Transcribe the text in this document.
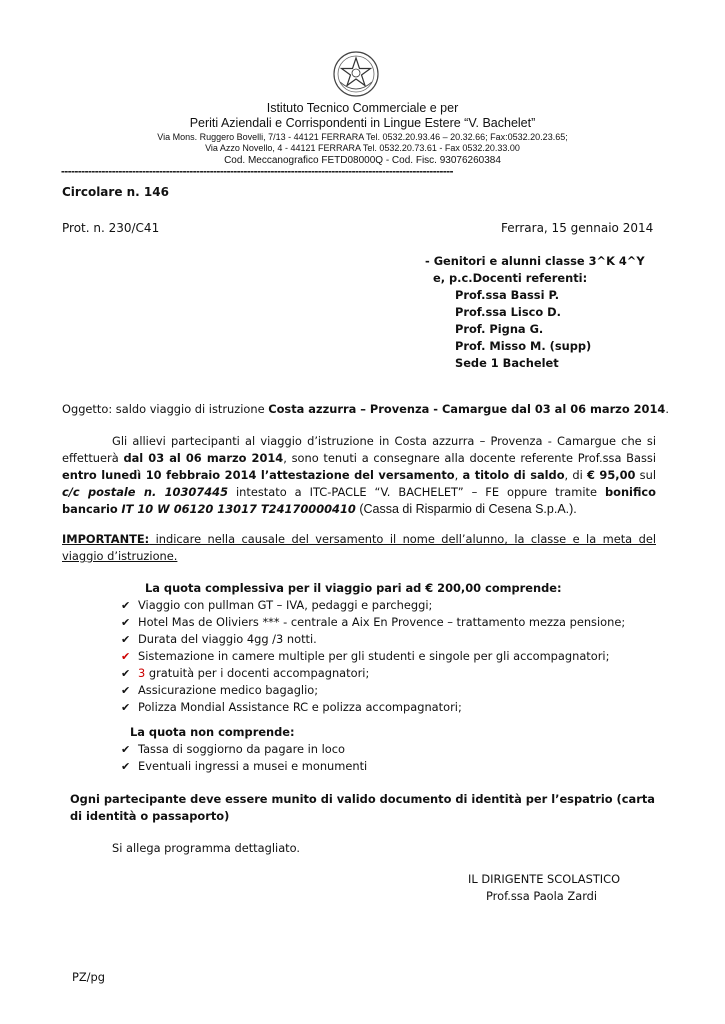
Istituto Tecnico Commerciale e per
Periti Aziendali e Corrispondenti in Lingue Estere “V. Bachelet”
Via Mons. Ruggero Bovelli, 7/13 - 44121 FERRARA Tel. 0532.20.93.46 – 20.32.66; Fax:0532.20.23.65;
Via Azzo Novello, 4 - 44121 FERRARA Tel. 0532.20.73.61 - Fax 0532.20.33.00
Cod. Meccanografico FETD08000Q - Cod. Fisc. 93076260384
--------------------------------------------------------------------------------------------------------------------
Circolare n. 146
Prot. n. 230/C41	Ferrara, 15 gennaio 2014
- Genitori e alunni classe 3^K 4^Y
e, p.c.Docenti referenti:
Prof.ssa Bassi P.
Prof.ssa Lisco D.
Prof. Pigna G.
Prof. Misso M. (supp)
Sede 1 Bachelet
Oggetto: saldo viaggio di istruzione Costa azzurra – Provenza - Camargue dal 03 al 06 marzo 2014.
Gli allievi partecipanti al viaggio d’istruzione in Costa azzurra – Provenza - Camargue che si effettuerà dal 03 al 06 marzo 2014, sono tenuti a consegnare alla docente referente Prof.ssa Bassi entro lunedì 10 febbraio 2014 l’attestazione del versamento, a titolo di saldo, di € 95,00 sul c/c postale n. 10307445 intestato a ITC-PACLE “V. BACHELET” – FE oppure tramite bonifico bancario IT 10 W 06120 13017 T24170000410 (Cassa di Risparmio di Cesena S.p.A.).
IMPORTANTE: indicare nella causale del versamento il nome dell’alunno, la classe e la meta del viaggio d’istruzione.
La quota complessiva per il viaggio pari ad € 200,00 comprende:
✔ Viaggio con pullman GT – IVA, pedaggi e parcheggi;
✔ Hotel Mas de Oliviers *** - centrale a Aix En Provence – trattamento mezza pensione;
✔ Durata del viaggio 4gg /3 notti.
✔ Sistemazione in camere multiple per gli studenti e singole per gli accompagnatori;
✔ 3 gratuità per i docenti accompagnatori;
✔ Assicurazione medico bagaglio;
✔ Polizza Mondial Assistance RC e polizza accompagnatori;
La quota non comprende:
✔ Tassa di soggiorno da pagare in loco
✔ Eventuali ingressi a musei e monumenti
Ogni partecipante deve essere munito di valido documento di identità per l’espatrio (carta di identità o passaporto)
Si allega programma dettagliato.
IL DIRIGENTE SCOLASTICO
Prof.ssa Paola Zardi
PZ/pg
